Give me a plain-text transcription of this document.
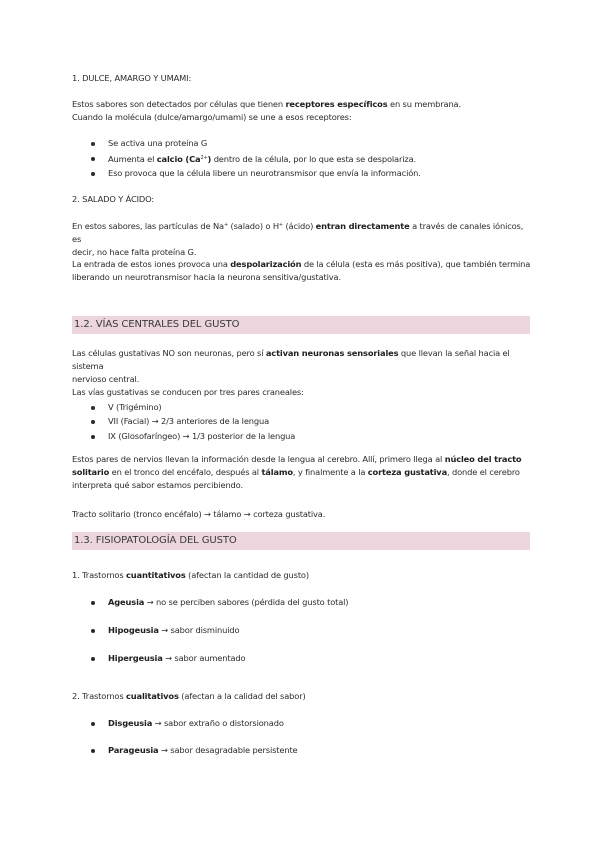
1. DULCE, AMARGO Y UMAMI:
Estos sabores son detectados por células que tienen receptores específicos en su membrana.
Cuando la molécula (dulce/amargo/umami) se une a esos receptores:
Se activa una proteína G
Aumenta el calcio $(Ca^{2+})$ dentro de la célula, por lo que esta se despolariza.
Eso provoca que la célula libere un neurotransmisor que envía la información.
2. SALADO Y ÁCIDO:
En estos sabores, las partículas de Na+ (salado) o H+ (ácido) entran directamente a través de canales iónicos, es
decir, no hace falta proteína G.
La entrada de estos iones provoca una despolarización de la célula (esta es más positiva), que también termina
liberando un neurotransmisor hacia la neurona sensitiva/gustativa.
1.2. VÍAS CENTRALES DEL GUSTO
Las células gustativas NO son neuronas, pero sí activan neuronas sensoriales que llevan la señal hacia el sistema
nervioso central.
Las vías gustativas se conducen por tres pares craneales:
V (Trigémino)
VII (Facial) → 2/3 anteriores de la lengua
IX (Glosofaríngeo) → 1/3 posterior de la lengua
Estos pares de nervios llevan la información desde la lengua al cerebro. Allí, primero llega al núcleo del tracto
solitario en el tronco del encéfalo, después al tálamo, y finalmente a la corteza gustativa, donde el cerebro
interpreta qué sabor estamos percibiendo.
Tracto solitario (tronco encéfalo) → tálamo → corteza gustativa.
1.3. FISIOPATOLOGÍA DEL GUSTO
1. Trastornos cuantitativos (afectan la cantidad de gusto)
Ageusia → no se perciben sabores (pérdida del gusto total)
Hipogeusia → sabor disminuido
Hipergeusia → sabor aumentado
2. Trastornos cualitativos (afectan a la calidad del sabor)
Disgeusia → sabor extraño o distorsionado
Parageusia → sabor desagradable persistente
